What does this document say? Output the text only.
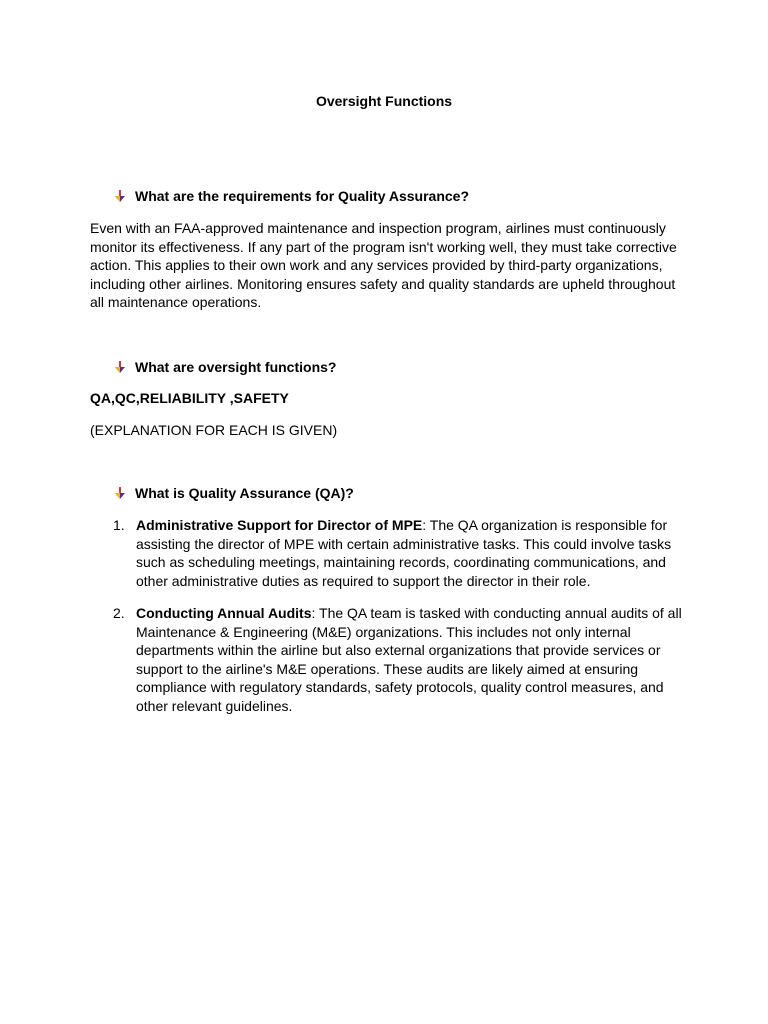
Oversight Functions
What are the requirements for Quality Assurance?
Even with an FAA-approved maintenance and inspection program, airlines must continuously monitor its effectiveness. If any part of the program isn't working well, they must take corrective action. This applies to their own work and any services provided by third-party organizations, including other airlines. Monitoring ensures safety and quality standards are upheld throughout all maintenance operations.
What are oversight functions?
QA,QC,RELIABILITY ,SAFETY
(EXPLANATION FOR EACH IS GIVEN)
What is Quality Assurance (QA)?
1. Administrative Support for Director of MPE: The QA organization is responsible for assisting the director of MPE with certain administrative tasks. This could involve tasks such as scheduling meetings, maintaining records, coordinating communications, and other administrative duties as required to support the director in their role.
2. Conducting Annual Audits: The QA team is tasked with conducting annual audits of all Maintenance & Engineering (M&E) organizations. This includes not only internal departments within the airline but also external organizations that provide services or support to the airline's M&E operations. These audits are likely aimed at ensuring compliance with regulatory standards, safety protocols, quality control measures, and other relevant guidelines.
